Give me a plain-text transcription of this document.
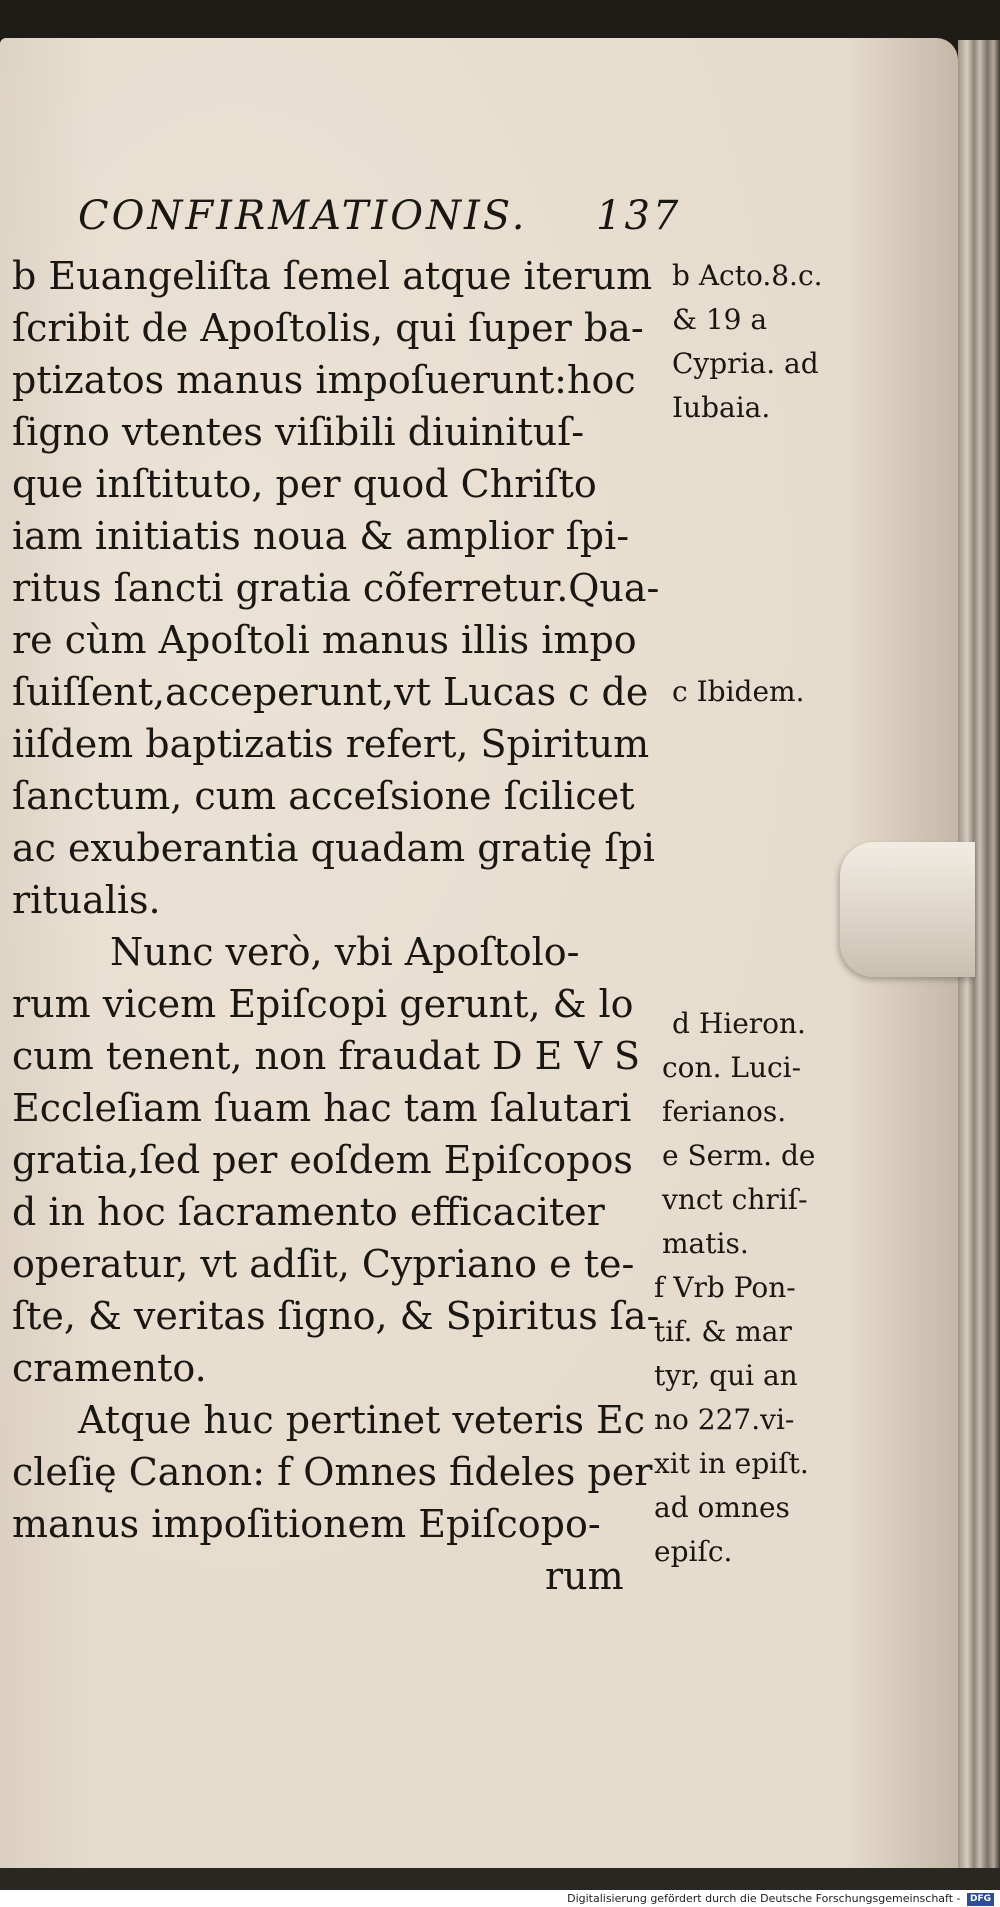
CONFIRMATIONIS. 137
b Euangeliſta ſemel atque iterum
ſcribit de Apoſtolis, qui ſuper ba-
ptizatos manus impoſuerunt:hoc
ſigno vtentes viſibili diuinituſ-
que inſtituto, per quod Chriſto
iam initiatis noua & amplior ſpi-
ritus ſancti gratia cõferretur.Qua-
re cùm Apoſtoli manus illis impo
ſuiſſent,acceperunt,vt Lucas c de
iiſdem baptizatis refert, Spiritum
ſanctum, cum acceſsione ſcilicet
ac exuberantia quadam gratię ſpi
ritualis.
Nunc verò, vbi Apoſtolo-
rum vicem Epiſcopi gerunt, & lo
cum tenent, non fraudat D E V S
Eccleſiam ſuam hac tam ſalutari
gratia,ſed per eoſdem Epiſcopos
d in hoc ſacramento efficaciter
operatur, vt adſit, Cypriano e te-
ſte, & veritas ſigno, & Spiritus ſa-
cramento.
Atque huc pertinet veteris Ec
cleſię Canon: f Omnes fideles per
manus impoſitionem Epiſcopo-
rum
b Acto.8.c.
& 19 a
Cypria. ad
Iubaia.
c Ibidem.
d Hieron.
con. Luci-
ferianos.
e Serm. de
vnct chriſ-
matis.
f Vrb Pon-
tif. & mar
tyr, qui an
no 227.vi-
xit in epiſt.
ad omnes
epiſc.
Digitalisierung gefördert durch die Deutsche Forschungsgemeinschaft - DFG
